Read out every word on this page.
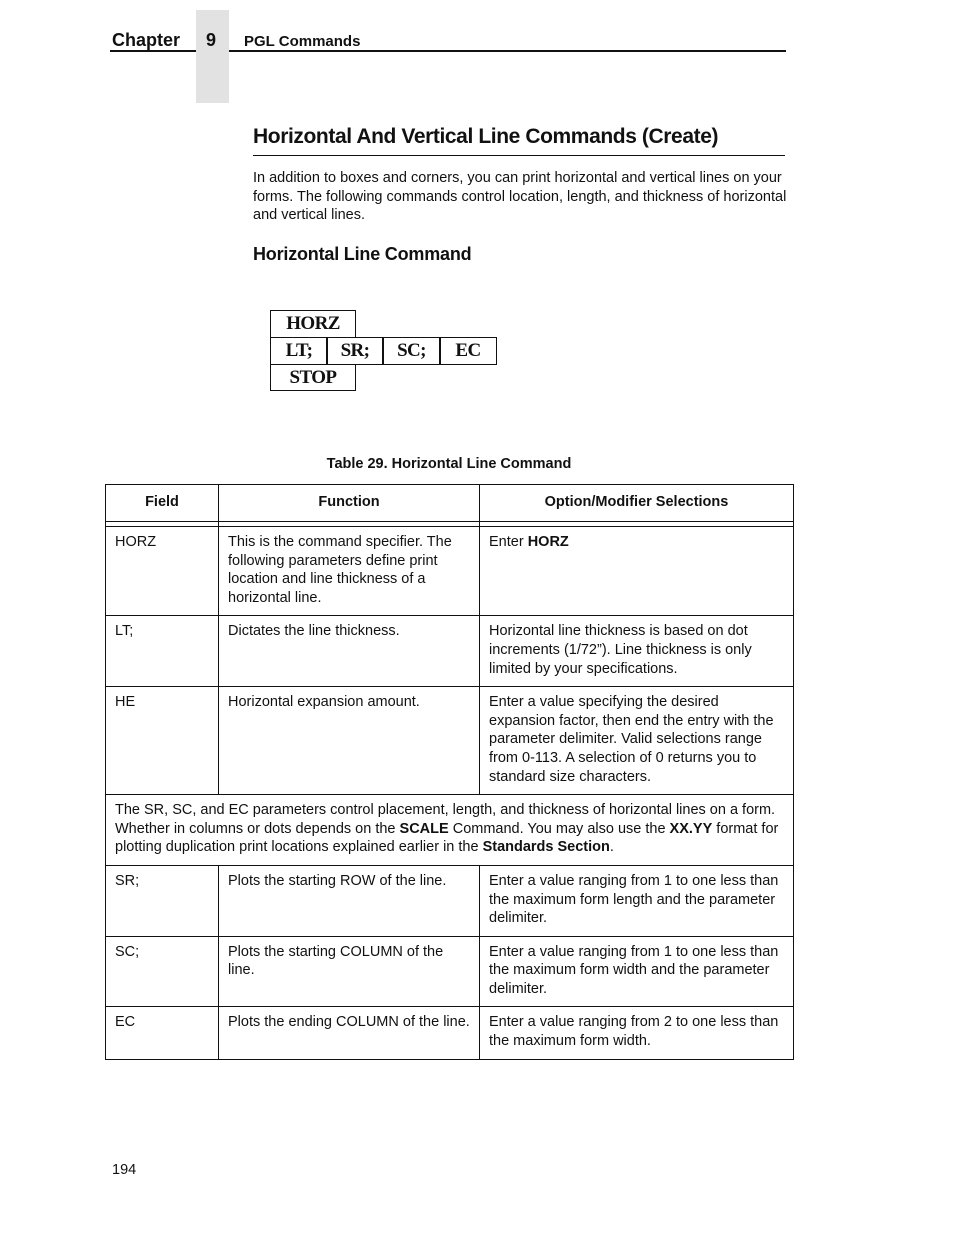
Chapter	9	PGL Commands
Horizontal And Vertical Line Commands (Create)

In addition to boxes and corners, you can print horizontal and vertical lines on your forms. The following commands control location, length, and thickness of horizontal and vertical lines.

Horizontal Line Command
HORZ
LT;	SR;	SC;	EC
STOP
Table 29. Horizontal Line Command
Field	Function	Option/Modifier Selections

HORZ	This is the command specifier. The following parameters define print location and line thickness of a horizontal line.	Enter HORZ
LT;	Dictates the line thickness.	Horizontal line thickness is based on dot increments (1/72”). Line thickness is only limited by your specifications.
HE	Horizontal expansion amount.	Enter a value specifying the desired expansion factor, then end the entry with the parameter delimiter. Valid selections range from 0-113. A selection of 0 returns you to standard size characters.
The SR, SC, and EC parameters control placement, length, and thickness of horizontal lines on a form. Whether in columns or dots depends on the SCALE Command. You may also use the XX.YY format for plotting duplication print locations explained earlier in the Standards Section.		
SR;	Plots the starting ROW of the line.	Enter a value ranging from 1 to one less than the maximum form length and the parameter delimiter.
SC;	Plots the starting COLUMN of the line.	Enter a value ranging from 1 to one less than the maximum form width and the parameter delimiter.
EC	Plots the ending COLUMN of the line.	Enter a value ranging from 2 to one less than the maximum form width.
194
